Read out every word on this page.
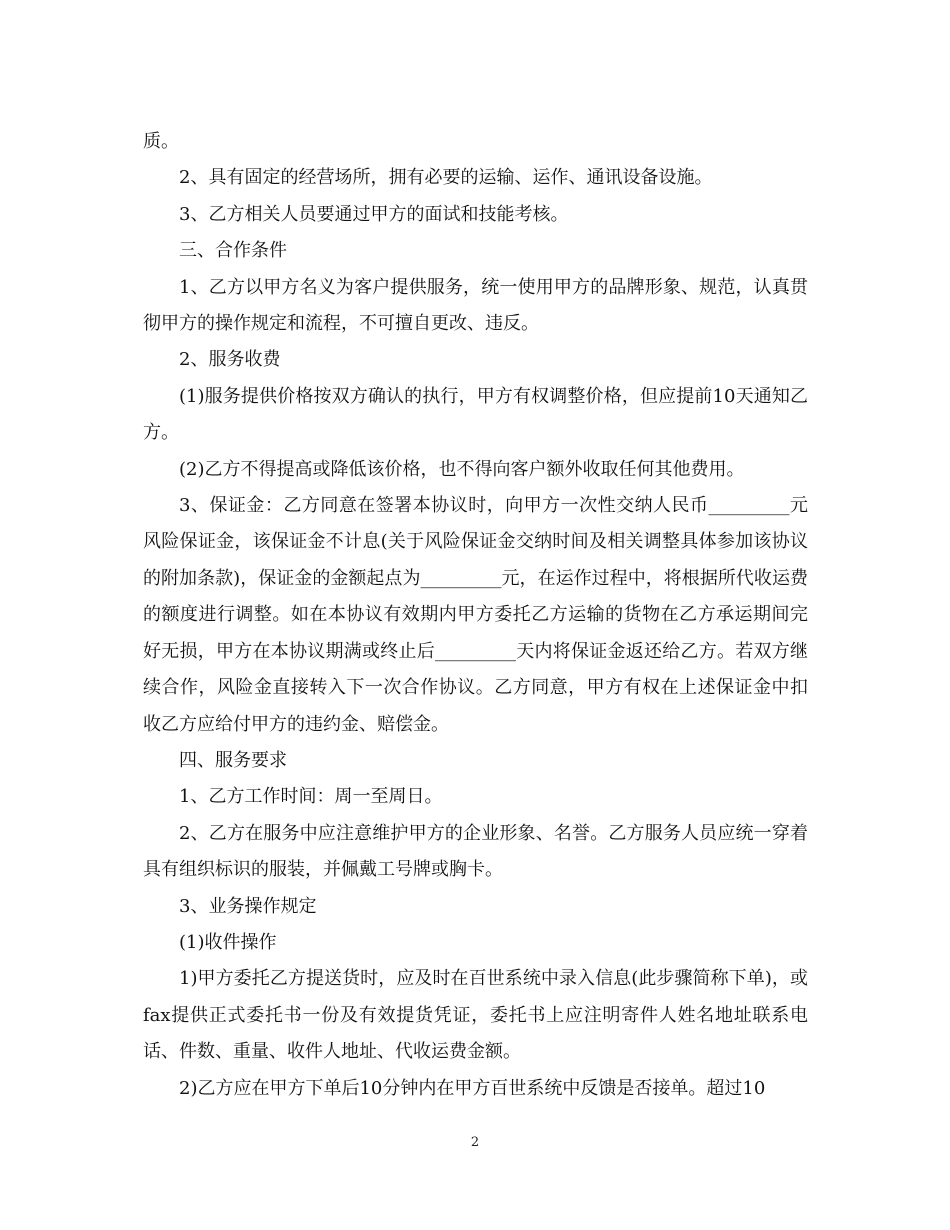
质。

2、具有固定的经营场所，拥有必要的运输、运作、通讯设备设施。

3、乙方相关人员要通过甲方的面试和技能考核。

三、合作条件

1、乙方以甲方名义为客户提供服务，统一使用甲方的品牌形象、规范，认真贯彻甲方的操作规定和流程，不可擅自更改、违反。

2、服务收费

(1)服务提供价格按双方确认的执行，甲方有权调整价格，但应提前10天通知乙方。

(2)乙方不得提高或降低该价格，也不得向客户额外收取任何其他费用。

3、保证金：乙方同意在签署本协议时，向甲方一次性交纳人民币_________元风险保证金，该保证金不计息(关于风险保证金交纳时间及相关调整具体参加该协议的附加条款)，保证金的金额起点为_________元，在运作过程中，将根据所代收运费的额度进行调整。如在本协议有效期内甲方委托乙方运输的货物在乙方承运期间完好无损，甲方在本协议期满或终止后_________天内将保证金返还给乙方。若双方继续合作，风险金直接转入下一次合作协议。乙方同意，甲方有权在上述保证金中扣收乙方应给付甲方的违约金、赔偿金。

四、服务要求

1、乙方工作时间：周一至周日。

2、乙方在服务中应注意维护甲方的企业形象、名誉。乙方服务人员应统一穿着具有组织标识的服装，并佩戴工号牌或胸卡。

3、业务操作规定

(1)收件操作

1)甲方委托乙方提送货时，应及时在百世系统中录入信息(此步骤简称下单)，或fax提供正式委托书一份及有效提货凭证，委托书上应注明寄件人姓名地址联系电话、件数、重量、收件人地址、代收运费金额。

2)乙方应在甲方下单后10分钟内在甲方百世系统中反馈是否接单。超过10

2
